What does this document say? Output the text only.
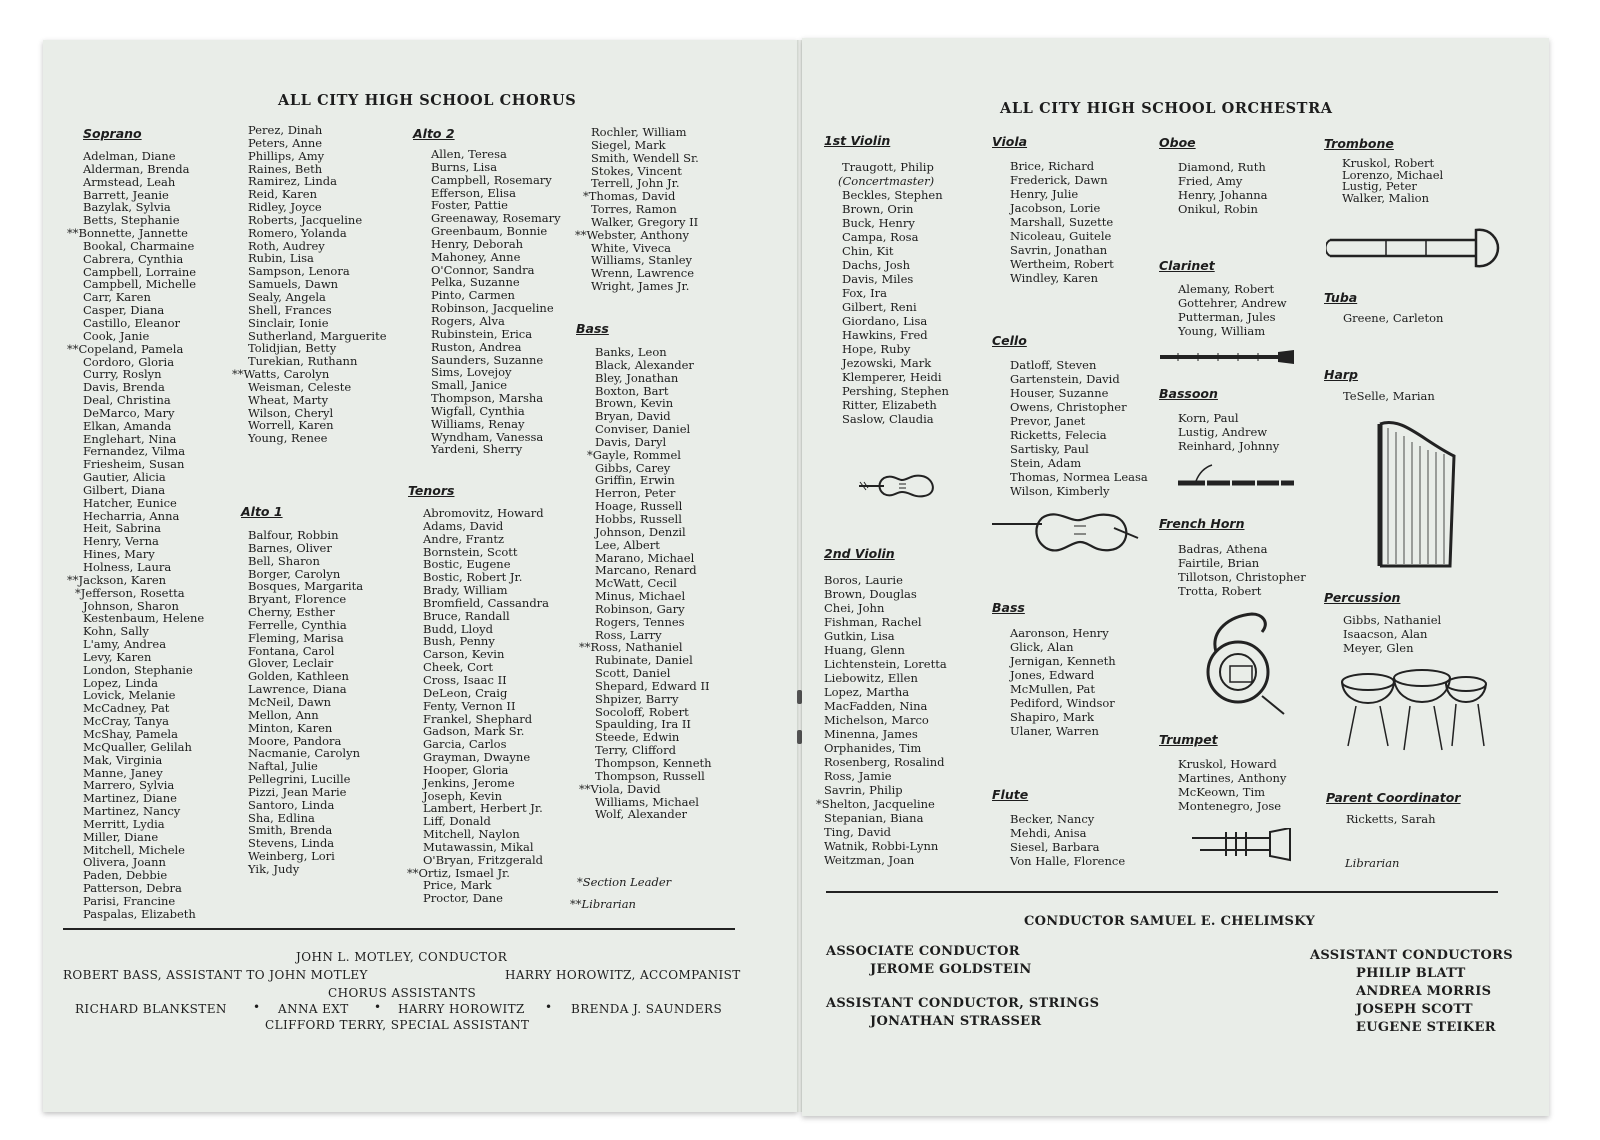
ALL CITY HIGH SCHOOL CHORUS
Soprano
Adelman, Diane
Alderman, Brenda
Armstead, Leah
Barrett, Jeanie
Bazylak, Sylvia
Betts, Stephanie
**Bonnette, Jannette
Bookal, Charmaine
Cabrera, Cynthia
Campbell, Lorraine
Campbell, Michelle
Carr, Karen
Casper, Diana
Castillo, Eleanor
Cook, Janie
**Copeland, Pamela
Cordoro, Gloria
Curry, Roslyn
Davis, Brenda
Deal, Christina
DeMarco, Mary
Elkan, Amanda
Englehart, Nina
Fernandez, Vilma
Friesheim, Susan
Gautier, Alicia
Gilbert, Diana
Hatcher, Eunice
Hecharria, Anna
Heit, Sabrina
Henry, Verna
Hines, Mary
Holness, Laura
**Jackson, Karen
*Jefferson, Rosetta
Johnson, Sharon
Kestenbaum, Helene
Kohn, Sally
L'amy, Andrea
Levy, Karen
London, Stephanie
Lopez, Linda
Lovick, Melanie
McCadney, Pat
McCray, Tanya
McShay, Pamela
McQualler, Gelilah
Mak, Virginia
Manne, Janey
Marrero, Sylvia
Martinez, Diane
Martinez, Nancy
Merritt, Lydia
Miller, Diane
Mitchell, Michele
Olivera, Joann
Paden, Debbie
Patterson, Debra
Parisi, Francine
Paspalas, Elizabeth
Perez, Dinah
Peters, Anne
Phillips, Amy
Raines, Beth
Ramirez, Linda
Reid, Karen
Ridley, Joyce
Roberts, Jacqueline
Romero, Yolanda
Roth, Audrey
Rubin, Lisa
Sampson, Lenora
Samuels, Dawn
Sealy, Angela
Shell, Frances
Sinclair, Ionie
Sutherland, Marguerite
Tolidjian, Betty
Turekian, Ruthann
**Watts, Carolyn
Weisman, Celeste
Wheat, Marty
Wilson, Cheryl
Worrell, Karen
Young, Renee
Alto 1
Balfour, Robbin
Barnes, Oliver
Bell, Sharon
Borger, Carolyn
Bosques, Margarita
Bryant, Florence
Cherny, Esther
Ferrelle, Cynthia
Fleming, Marisa
Fontana, Carol
Glover, Leclair
Golden, Kathleen
Lawrence, Diana
McNeil, Dawn
Mellon, Ann
Minton, Karen
Moore, Pandora
Nacmanie, Carolyn
Naftal, Julie
Pellegrini, Lucille
Pizzi, Jean Marie
Santoro, Linda
Sha, Edlina
Smith, Brenda
Stevens, Linda
Weinberg, Lori
Yik, Judy
Alto 2
Allen, Teresa
Burns, Lisa
Campbell, Rosemary
Efferson, Elisa
Foster, Pattie
Greenaway, Rosemary
Greenbaum, Bonnie
Henry, Deborah
Mahoney, Anne
O'Connor, Sandra
Pelka, Suzanne
Pinto, Carmen
Robinson, Jacqueline
Rogers, Alva
Rubinstein, Erica
Ruston, Andrea
Saunders, Suzanne
Sims, Lovejoy
Small, Janice
Thompson, Marsha
Wigfall, Cynthia
Williams, Renay
Wyndham, Vanessa
Yardeni, Sherry
Tenors
Abromovitz, Howard
Adams, David
Andre, Frantz
Bornstein, Scott
Bostic, Eugene
Bostic, Robert Jr.
Brady, William
Bromfield, Cassandra
Bruce, Randall
Budd, Lloyd
Bush, Penny
Carson, Kevin
Cheek, Cort
Cross, Isaac II
DeLeon, Craig
Fenty, Vernon II
Frankel, Shephard
Gadson, Mark Sr.
Garcia, Carlos
Grayman, Dwayne
Hooper, Gloria
Jenkins, Jerome
Joseph, Kevin
Lambert, Herbert Jr.
Liff, Donald
Mitchell, Naylon
Mutawassin, Mikal
O'Bryan, Fritzgerald
**Ortiz, Ismael Jr.
Price, Mark
Proctor, Dane
Rochler, William
Siegel, Mark
Smith, Wendell Sr.
Stokes, Vincent
Terrell, John Jr.
*Thomas, David
Torres, Ramon
Walker, Gregory II
**Webster, Anthony
White, Viveca
Williams, Stanley
Wrenn, Lawrence
Wright, James Jr.
Bass
Banks, Leon
Black, Alexander
Bley, Jonathan
Boxton, Bart
Brown, Kevin
Bryan, David
Conviser, Daniel
Davis, Daryl
*Gayle, Rommel
Gibbs, Carey
Griffin, Erwin
Herron, Peter
Hoage, Russell
Hobbs, Russell
Johnson, Denzil
Lee, Albert
Marano, Michael
Marcano, Renard
McWatt, Cecil
Minus, Michael
Robinson, Gary
Rogers, Tennes
Ross, Larry
**Ross, Nathaniel
Rubinate, Daniel
Scott, Daniel
Shepard, Edward II
Shpizer, Barry
Socoloff, Robert
Spaulding, Ira II
Steede, Edwin
Terry, Clifford
Thompson, Kenneth
Thompson, Russell
**Viola, David
Williams, Michael
Wolf, Alexander
*Section Leader
**Librarian
JOHN L. MOTLEY, CONDUCTOR
ROBERT BASS, ASSISTANT TO JOHN MOTLEY	HARRY HOROWITZ, ACCOMPANIST
CHORUS ASSISTANTS
RICHARD BLANKSTEN • ANNA EXT • HARRY HOROWITZ • BRENDA J. SAUNDERS
CLIFFORD TERRY, SPECIAL ASSISTANT
ALL CITY HIGH SCHOOL ORCHESTRA
1st Violin
Traugott, Philip
(Concertmaster)
Beckles, Stephen
Brown, Orin
Buck, Henry
Campa, Rosa
Chin, Kit
Dachs, Josh
Davis, Miles
Fox, Ira
Gilbert, Reni
Giordano, Lisa
Hawkins, Fred
Hope, Ruby
Jezowski, Mark
Klemperer, Heidi
Pershing, Stephen
Ritter, Elizabeth
Saslow, Claudia
2nd Violin
Boros, Laurie
Brown, Douglas
Chei, John
Fishman, Rachel
Gutkin, Lisa
Huang, Glenn
Lichtenstein, Loretta
Liebowitz, Ellen
Lopez, Martha
MacFadden, Nina
Michelson, Marco
Minenna, James
Orphanides, Tim
Rosenberg, Rosalind
Ross, Jamie
Savrin, Philip
*Shelton, Jacqueline
Stepanian, Biana
Ting, David
Watnik, Robbi-Lynn
Weitzman, Joan
Viola
Brice, Richard
Frederick, Dawn
Henry, Julie
Jacobson, Lorie
Marshall, Suzette
Nicoleau, Guitele
Savrin, Jonathan
Wertheim, Robert
Windley, Karen
Cello
Datloff, Steven
Gartenstein, David
Houser, Suzanne
Owens, Christopher
Prevor, Janet
Ricketts, Felecia
Sartisky, Paul
Stein, Adam
Thomas, Normea Leasa
Wilson, Kimberly
Bass
Aaronson, Henry
Glick, Alan
Jernigan, Kenneth
Jones, Edward
McMullen, Pat
Pediford, Windsor
Shapiro, Mark
Ulaner, Warren
Flute
Becker, Nancy
Mehdi, Anisa
Siesel, Barbara
Von Halle, Florence
Oboe
Diamond, Ruth
Fried, Amy
Henry, Johanna
Onikul, Robin
Clarinet
Alemany, Robert
Gottehrer, Andrew
Putterman, Jules
Young, William
Bassoon
Korn, Paul
Lustig, Andrew
Reinhard, Johnny
French Horn
Badras, Athena
Fairtile, Brian
Tillotson, Christopher
Trotta, Robert
Trumpet
Kruskol, Howard
Martines, Anthony
McKeown, Tim
Montenegro, Jose
Trombone
Kruskol, Robert
Lorenzo, Michael
Lustig, Peter
Walker, Malion
Tuba
Greene, Carleton
Harp
TeSelle, Marian
Percussion
Gibbs, Nathaniel
Isaacson, Alan
Meyer, Glen
Parent Coordinator
Ricketts, Sarah
Librarian
CONDUCTOR SAMUEL E. CHELIMSKY
ASSOCIATE CONDUCTOR
JEROME GOLDSTEIN
ASSISTANT CONDUCTOR, STRINGS
JONATHAN STRASSER
ASSISTANT CONDUCTORS
PHILIP BLATT
ANDREA MORRIS
JOSEPH SCOTT
EUGENE STEIKER
